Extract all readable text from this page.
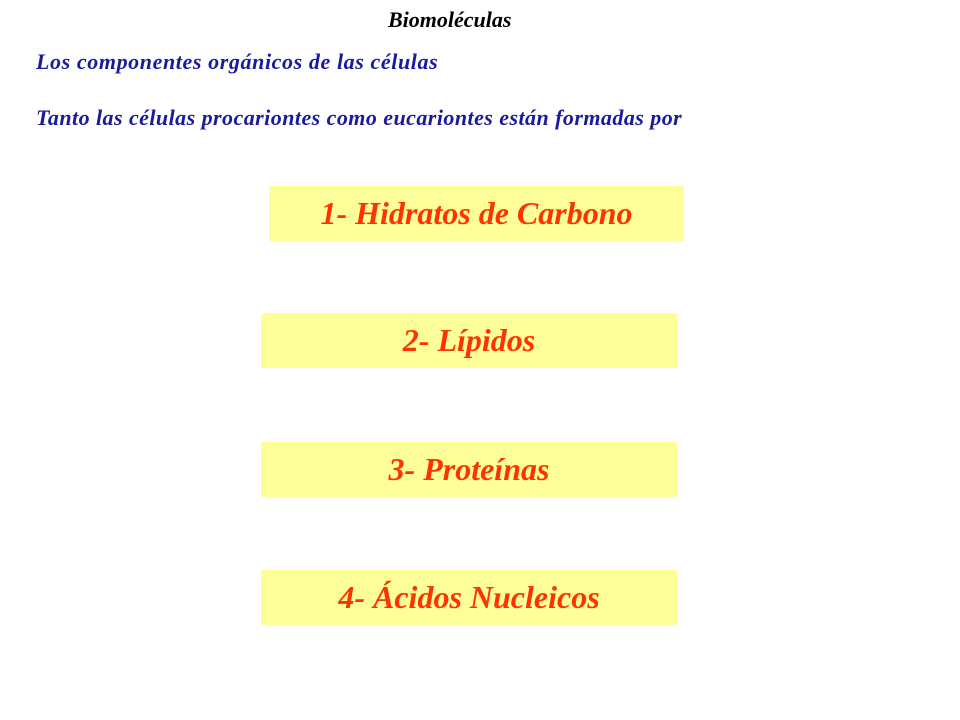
Biomoléculas
Los componentes orgánicos de las células
Tanto las células procariontes como eucariontes están formadas por
1- Hidratos de Carbono
2- Lípidos
3- Proteínas
4- Ácidos Nucleicos
